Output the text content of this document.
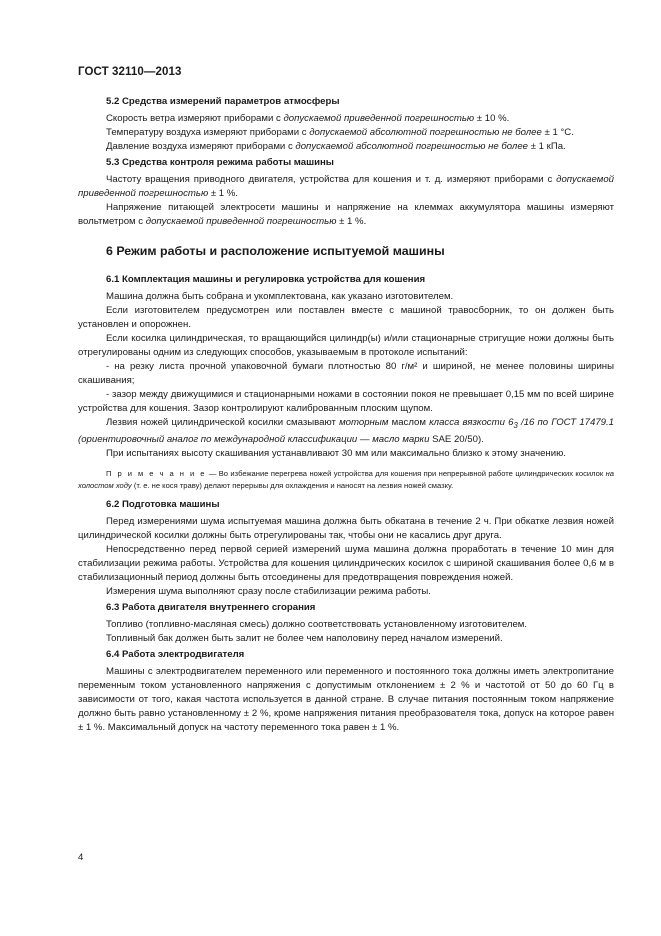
ГОСТ 32110—2013
5.2 Средства измерений параметров атмосферы

Скорость ветра измеряют приборами с допускаемой приведенной погрешностью ± 10 %.

Температуру воздуха измеряют приборами с допускаемой абсолютной погрешностью не более ± 1 °С.

Давление воздуха измеряют приборами с допускаемой абсолютной погрешностью не более ± 1 кПа.

5.3 Средства контроля режима работы машины

Частоту вращения приводного двигателя, устройства для кошения и т. д. измеряют приборами с допускаемой приведенной погрешностью ± 1 %.

Напряжение питающей электросети машины и напряжение на клеммах аккумулятора машины измеряют вольтметром с допускаемой приведенной погрешностью ± 1 %.

6 Режим работы и расположение испытуемой машины
6.1 Комплектация машины и регулировка устройства для кошения

Машина должна быть собрана и укомплектована, как указано изготовителем.

Если изготовителем предусмотрен или поставлен вместе с машиной травосборник, то он должен быть установлен и опорожнен.

Если косилка цилиндрическая, то вращающийся цилиндр(ы) и/или стационарные стригущие ножи должны быть отрегулированы одним из следующих способов, указываемым в протоколе испытаний:

- на резку листа прочной упаковочной бумаги плотностью 80 г/м² и шириной, не менее половины ширины скашивания;

- зазор между движущимися и стационарными ножами в состоянии покоя не превышает 0,15 мм по всей ширине устройства для кошения. Зазор контролируют калиброванным плоским щупом.

Лезвия ножей цилиндрической косилки смазывают моторным маслом класса вязкости $6_3$ /16 по ГОСТ 17479.1 (ориентировочный аналог по международной классификации — масло марки SAE 20/50).

При испытаниях высоту скашивания устанавливают 30 мм или максимально близко к этому значению.

П р и м е ч а н и е — Во избежание перегрева ножей устройства для кошения при непрерывной работе цилиндрических косилок на холостом ходу (т. е. не кося траву) делают перерывы для охлаждения и наносят на лезвия ножей смазку.
6.2 Подготовка машины

Перед измерениями шума испытуемая машина должна быть обкатана в течение 2 ч. При обкатке лезвия ножей цилиндрической косилки должны быть отрегулированы так, чтобы они не касались друг друга.

Непосредственно перед первой серией измерений шума машина должна проработать в течение 10 мин для стабилизации режима работы. Устройства для кошения цилиндрических косилок с шириной скашивания более 0,6 м в стабилизационный период должны быть отсоединены для предотвращения повреждения ножей.

Измерения шума выполняют сразу после стабилизации режима работы.

6.3 Работа двигателя внутреннего сгорания

Топливо (топливно-масляная смесь) должно соответствовать установленному изготовителем.

Топливный бак должен быть залит не более чем наполовину перед началом измерений.

6.4 Работа электродвигателя

Машины с электродвигателем переменного или переменного и постоянного тока должны иметь электропитание переменным током установленного напряжения с допустимым отклонением ± 2 % и частотой от 50 до 60 Гц в зависимости от того, какая частота используется в данной стране. В случае питания постоянным током напряжение должно быть равно установленному ± 2 %, кроме напряжения питания преобразователя тока, допуск на которое равен ± 1 %. Максимальный допуск на частоту переменного тока равен ± 1 %.

4
